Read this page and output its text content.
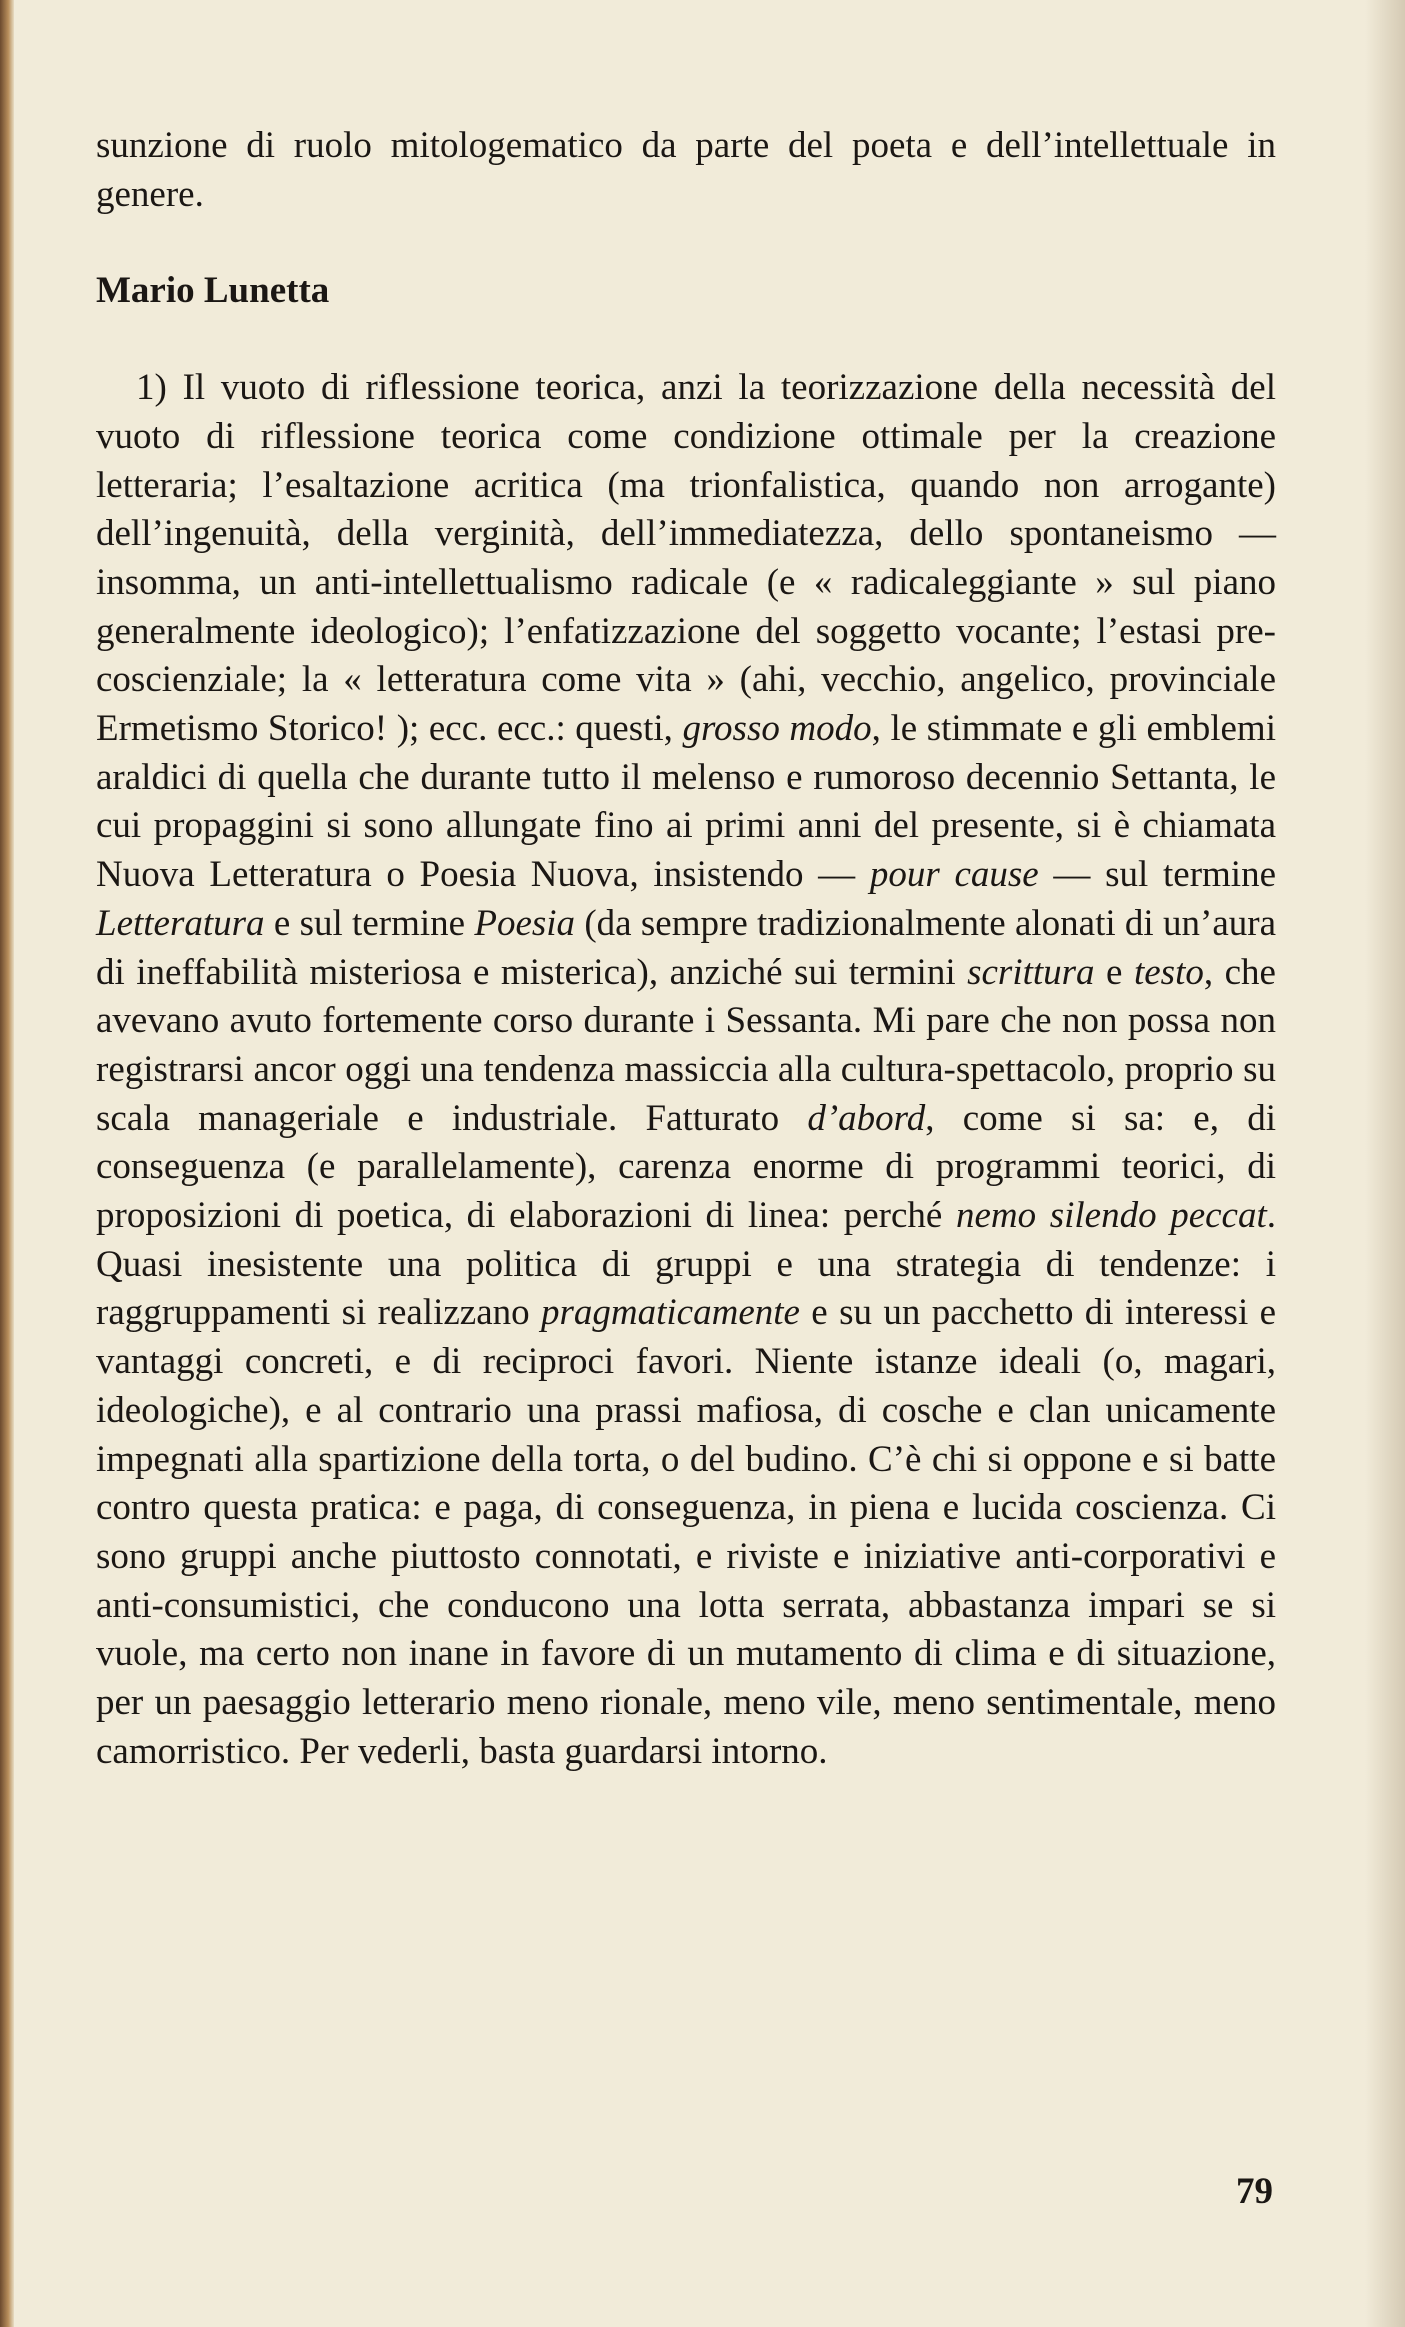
sunzione di ruolo mitologematico da parte del poeta e dell’intellettuale in genere.

Mario Lunetta

1) Il vuoto di riflessione teorica, anzi la teorizzazione della necessità del vuoto di riflessione teorica come condizione ottimale per la creazione letteraria; l’esaltazione acritica (ma trionfalistica, quando non arrogante) dell’ingenuità, della verginità, dell’immediatezza, dello spontaneismo — insomma, un anti-intellettualismo radicale (e « radicaleggiante » sul piano generalmente ideologico); l’enfatizzazione del soggetto vocante; l’estasi pre-coscienziale; la « letteratura come vita » (ahi, vecchio, angelico, provinciale Ermetismo Storico! ); ecc. ecc.: questi, grosso modo, le stimmate e gli emblemi araldici di quella che durante tutto il melenso e rumoroso decennio Settanta, le cui propaggini si sono allungate fino ai primi anni del presente, si è chiamata Nuova Letteratura o Poesia Nuova, insistendo — pour cause — sul termine Letteratura e sul termine Poesia (da sempre tradizionalmente alonati di un’aura di ineffabilità misteriosa e misterica), anziché sui termini scrittura e testo, che avevano avuto fortemente corso durante i Sessanta. Mi pare che non possa non registrarsi ancor oggi una tendenza massiccia alla cultura-spettacolo, proprio su scala manageriale e industriale. Fatturato d’abord, come si sa: e, di conseguenza (e parallelamente), carenza enorme di programmi teorici, di proposizioni di poetica, di elaborazioni di linea: perché nemo silendo peccat. Quasi inesistente una politica di gruppi e una strategia di tendenze: i raggruppamenti si realizzano pragmaticamente e su un pacchetto di interessi e vantaggi concreti, e di reciproci favori. Niente istanze ideali (o, magari, ideologiche), e al contrario una prassi mafiosa, di cosche e clan unicamente impegnati alla spartizione della torta, o del budino. C’è chi si oppone e si batte contro questa pratica: e paga, di conseguenza, in piena e lucida coscienza. Ci sono gruppi anche piuttosto connotati, e riviste e iniziative anti-corporativi e anti-consumistici, che conducono una lotta serrata, abbastanza impari se si vuole, ma certo non inane in favore di un mutamento di clima e di situazione, per un paesaggio letterario meno rionale, meno vile, meno sentimentale, meno camorristico. Per vederli, basta guardarsi intorno.

79
